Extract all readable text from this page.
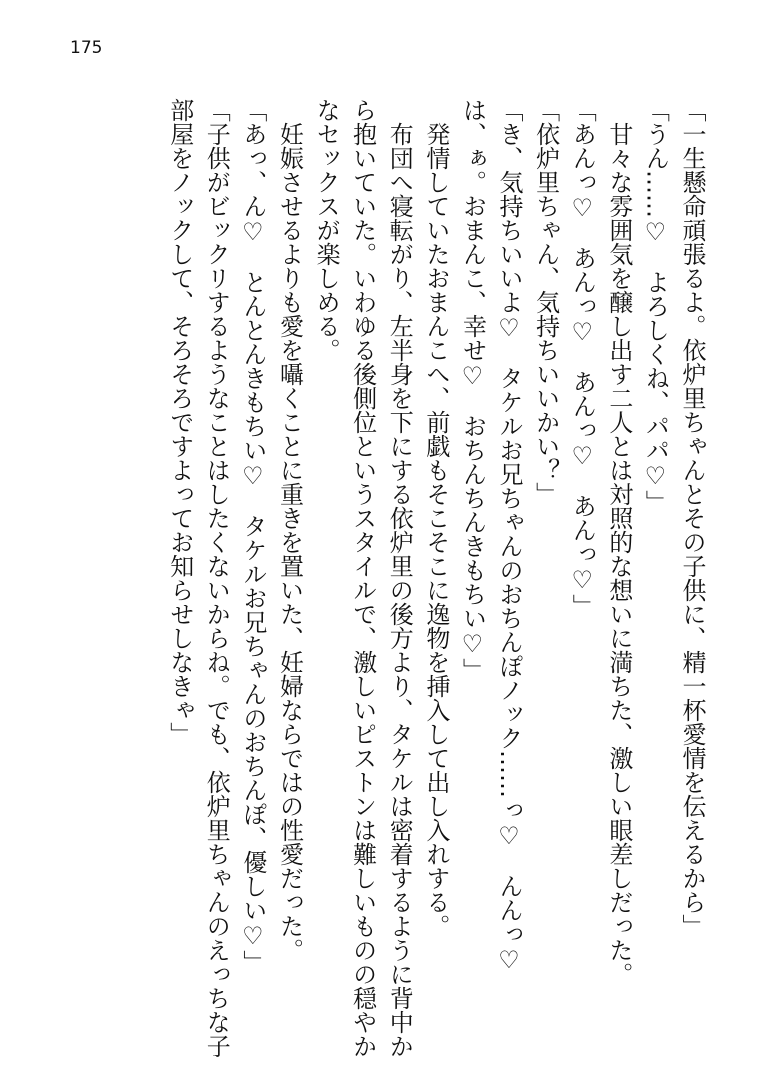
175
「一生懸命頑張るよ。依炉里ちゃんとその子供に、精一杯愛情を伝えるから」
「うん……♡　よろしくね、パパ♡」
甘々な雰囲気を醸し出す二人とは対照的な想いに満ちた、激しい眼差しだった。
「あんっ♡　あんっ♡　あんっ♡　あんっ♡」
「依炉里ちゃん、気持ちいいかい？」
「き、気持ちいいよ♡　タケルお兄ちゃんのおちんぽノック……っ♡　んんっ♡
は、ぁ。おまんこ、幸せ♡　おちんちんきもちい♡」
発情していたおまんこへ、前戯もそこそこに逸物を挿入して出し入れする。
布団へ寝転がり、左半身を下にする依炉里の後方より、タケルは密着するように背中か
ら抱いていた。いわゆる後側位というスタイルで、激しいピストンは難しいものの穏やか
なセックスが楽しめる。
妊娠させるよりも愛を囁くことに重きを置いた、妊婦ならではの性愛だった。
「あっ、ん♡　とんとんきもちい♡　タケルお兄ちゃんのおちんぽ、優しい♡」
「子供がビックリするようなことはしたくないからね。でも、依炉里ちゃんのえっちな子
部屋をノックして、そろそろですよってお知らせしなきゃ」
